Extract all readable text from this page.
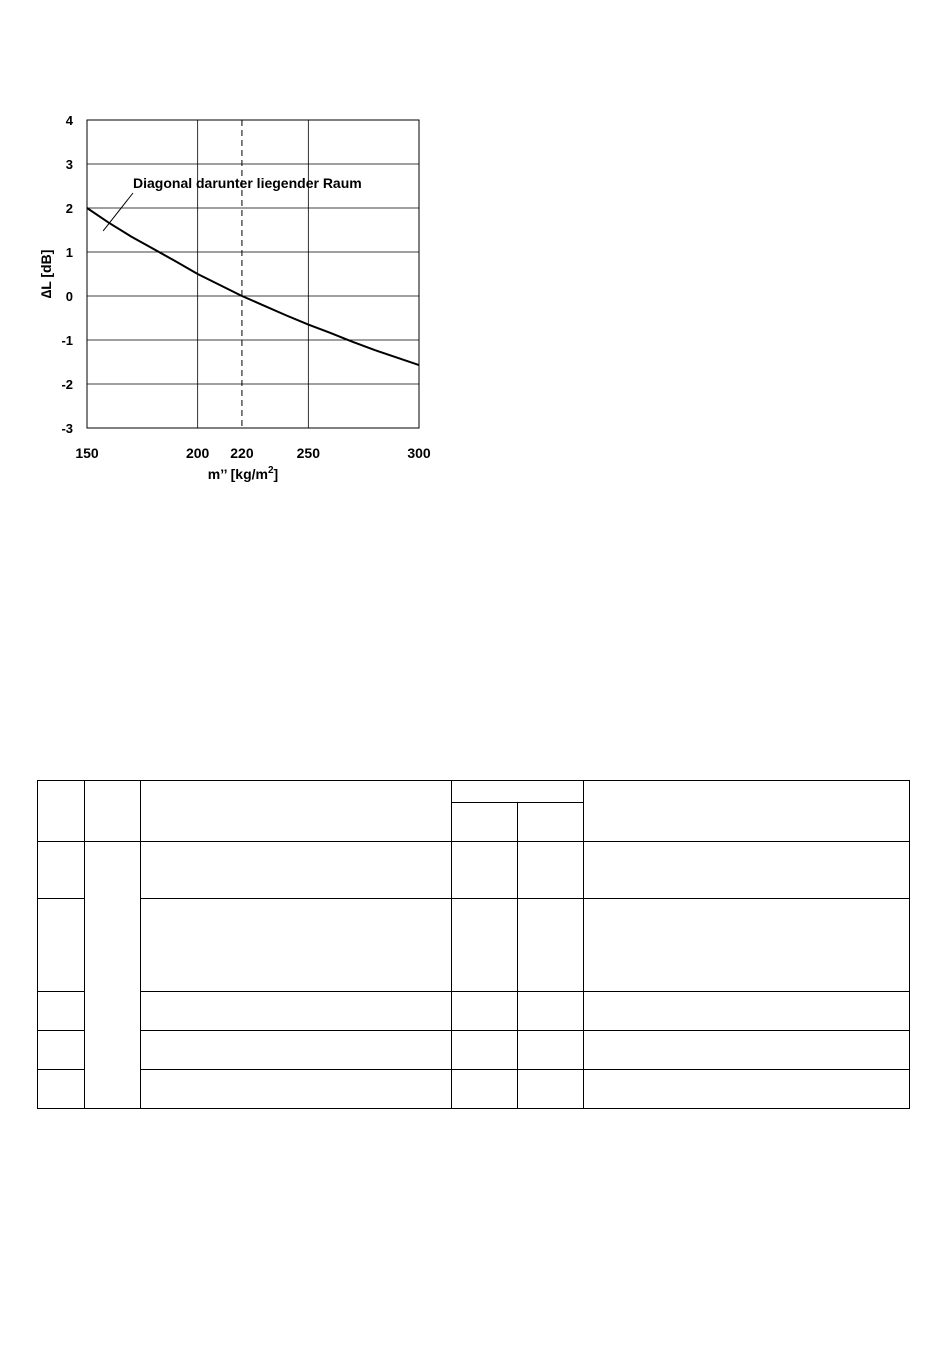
4
3
2
1
0
-1
-2
-3
150	200 220	250	300
Diagonal darunter liegender Raum
∆L [dB]
m’’ $[kg/m^2]$
